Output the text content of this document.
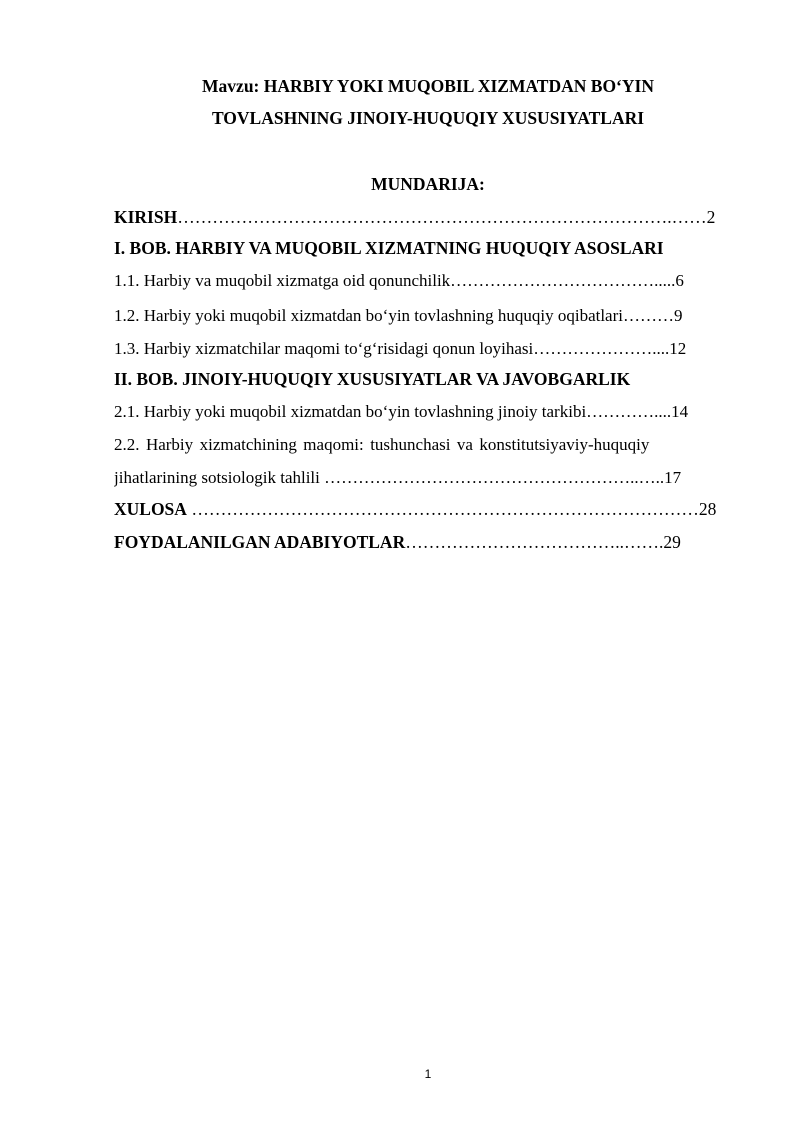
Mavzu: HARBIY YOKI MUQOBIL XIZMATDAN BO‘YIN
TOVLASHNING JINOIY-HUQUQIY XUSUSIYATLARI
MUNDARIJA:
KIRISH………………………………………………………………………….……2
I. BOB. HARBIY VA MUQOBIL XIZMATNING HUQUQIY ASOSLARI
1.1. Harbiy va muqobil xizmatga oid qonunchilik……………………………….....6
1.2. Harbiy yoki muqobil xizmatdan bo‘yin tovlashning huquqiy oqibatlari………9
1.3. Harbiy xizmatchilar maqomi to‘g‘risidagi qonun loyihasi…………………....12
II. BOB. JINOIY-HUQUQIY XUSUSIYATLAR VA JAVOBGARLIK
2.1. Harbiy yoki muqobil xizmatdan bo‘yin tovlashning jinoiy tarkibi…………....14
2.2. Harbiy xizmatchining maqomi: tushunchasi va konstitutsiyaviy-huquqiy
jihatlarining sotsiologik tahlili ………………………………………………..…..17
XULOSA ……………………………………………………………………………28
FOYDALANILGAN ADABIYOTLAR………………………………..…….29
1
